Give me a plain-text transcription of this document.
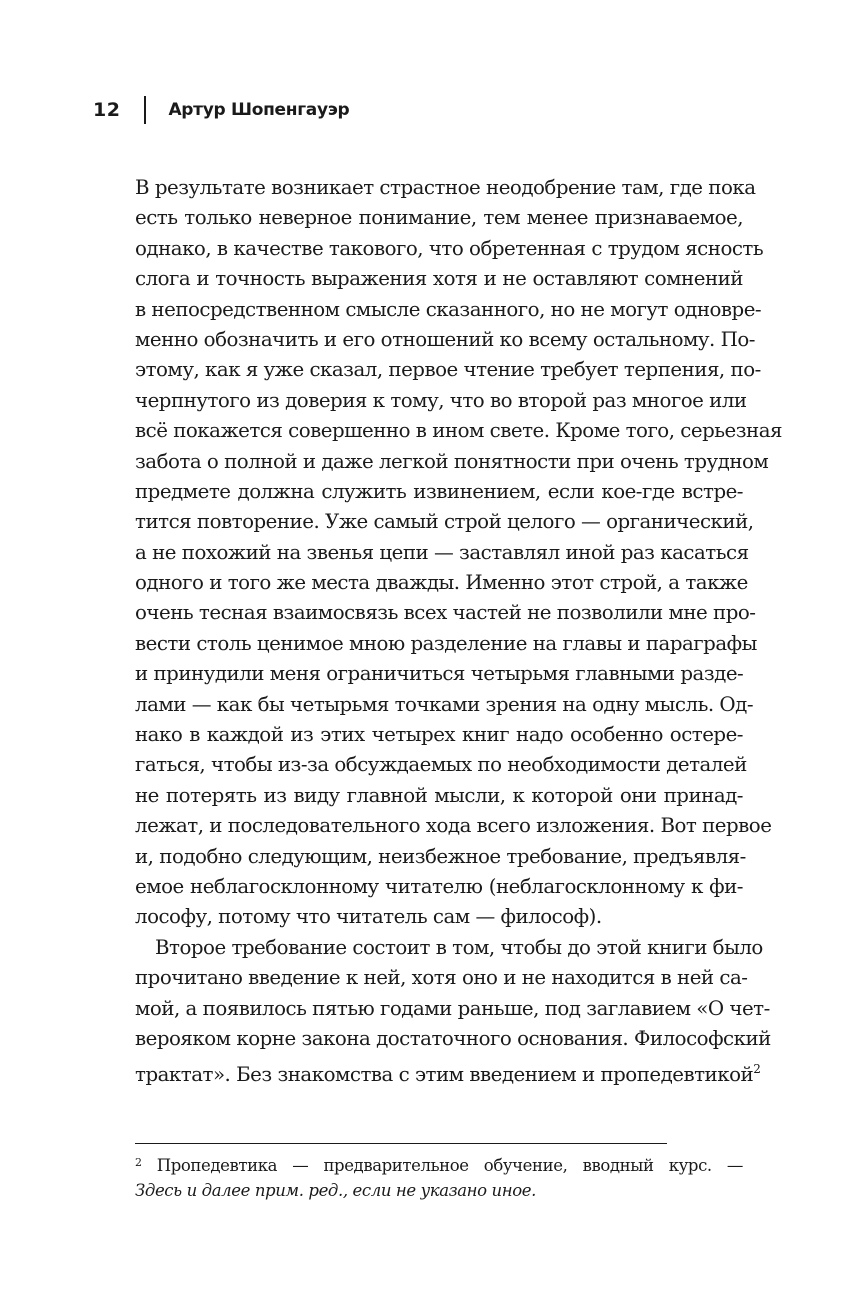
12	Артур Шопенгауэр
В результате возникает страстное неодобрение там, где пока
есть только неверное понимание, тем менее признаваемое,
однако, в качестве такового, что обретенная с трудом ясность
слога и точность выражения хотя и не оставляют сомнений
в непосредственном смысле сказанного, но не могут одновре-
менно обозначить и его отношений ко всему остальному. По-
этому, как я уже сказал, первое чтение требует терпения, по-
черпнутого из доверия к тому, что во второй раз многое или
всё покажется совершенно в ином свете. Кроме того, серьезная
забота о полной и даже легкой понятности при очень трудном
предмете должна служить извинением, если кое-где встре-
тится повторение. Уже самый строй целого — органический,
а не похожий на звенья цепи — заставлял иной раз касаться
одного и того же места дважды. Именно этот строй, а также
очень тесная взаимосвязь всех частей не позволили мне про-
вести столь ценимое мною разделение на главы и параграфы
и принудили меня ограничиться четырьмя главными разде-
лами — как бы четырьмя точками зрения на одну мысль. Од-
нако в каждой из этих четырех книг надо особенно остере-
гаться, чтобы из-за обсуждаемых по необходимости деталей
не потерять из виду главной мысли, к которой они принад-
лежат, и последовательного хода всего изложения. Вот первое
и, подобно следующим, неизбежное требование, предъявля-
емое неблагосклонному читателю (неблагосклонному к фи-
лософу, потому что читатель сам — философ).
Второе требование состоит в том, чтобы до этой книги было
прочитано введение к ней, хотя оно и не находится в ней са-
мой, а появилось пятью годами раньше, под заглавием «О чет-
вероякoм корне закона достаточного основания. Философский
трактат». Без знакомства с этим введением и пропедевтикой$^2$
$^2$ Пропедевтика — предварительное обучение, вводный курс. —
Здесь и далее прим. ред., если не указано иное.
